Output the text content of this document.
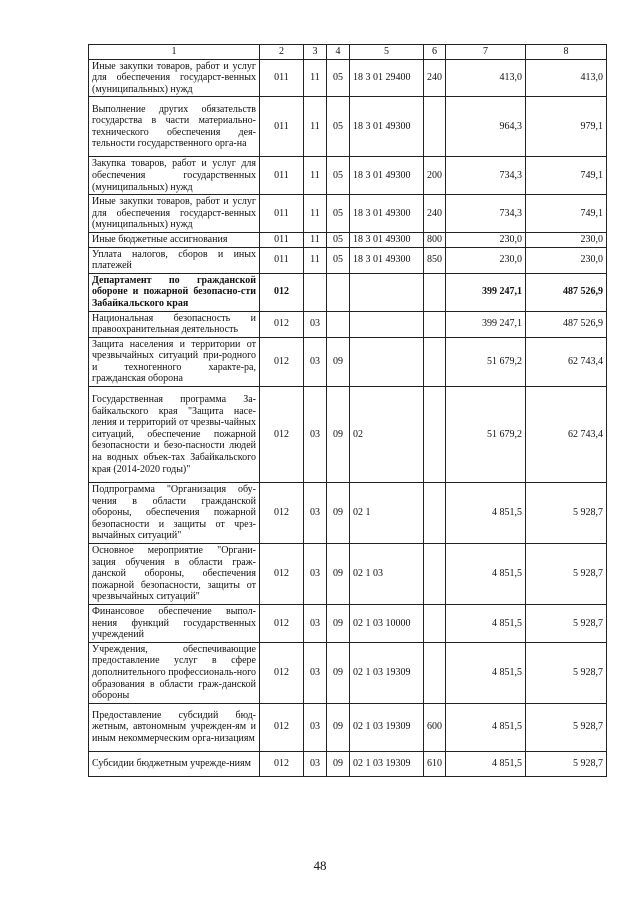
1	2	3	4	5	6	7	8
Иные закупки товаров, работ и услуг для обеспечения государст-венных (муниципальных) нужд	011	11	05	18 3 01 29400	240	413,0	413,0
Выполнение других обязательств государства в части материально-технического обеспечения дея-тельности государственного орга-на	011	11	05	18 3 01 49300		964,3	979,1
Закупка товаров, работ и услуг для обеспечения государственных (муниципальных) нужд	011	11	05	18 3 01 49300	200	734,3	749,1
Иные закупки товаров, работ и услуг для обеспечения государст-венных (муниципальных) нужд	011	11	05	18 3 01 49300	240	734,3	749,1
Иные бюджетные ассигнования	011	11	05	18 3 01 49300	800	230,0	230,0
Уплата налогов, сборов и иных платежей	011	11	05	18 3 01 49300	850	230,0	230,0
Департамент по гражданской обороне и пожарной безопасно-сти Забайкальского края	012					399 247,1	487 526,9
Национальная безопасность и правоохранительная деятельность	012	03				399 247,1	487 526,9
Защита населения и территории от чрезвычайных ситуаций при-родного и техногенного характе-ра, гражданская оборона	012	03	09			51 679,2	62 743,4
Государственная программа За-байкальского края "Защита насе-ления и территорий от чрезвы-чайных ситуаций, обеспечение пожарной безопасности и безо-пасности людей на водных объек-тах Забайкальского края (2014-2020 годы)"	012	03	09	02		51 679,2	62 743,4
Подпрограмма "Организация обу-чения в области гражданской обороны, обеспечения пожарной безопасности и защиты от чрез-вычайных ситуаций"	012	03	09	02 1		4 851,5	5 928,7
Основное мероприятие "Органи-зация обучения в области граж-данской обороны, обеспечения пожарной безопасности, защиты от чрезвычайных ситуаций"	012	03	09	02 1 03		4 851,5	5 928,7
Финансовое обеспечение выпол-нения функций государственных учреждений	012	03	09	02 1 03 10000		4 851,5	5 928,7
Учреждения, обеспечивающие предоставление услуг в сфере дополнительного профессиональ-ного образования в области граж-данской обороны	012	03	09	02 1 03 19309		4 851,5	5 928,7
Предоставление субсидий бюд-жетным, автономным учрежден-ям и иным некоммерческим орга-низациям	012	03	09	02 1 03 19309	600	4 851,5	5 928,7
Субсидии бюджетным учрежде-ниям	012	03	09	02 1 03 19309	610	4 851,5	5 928,7
48
